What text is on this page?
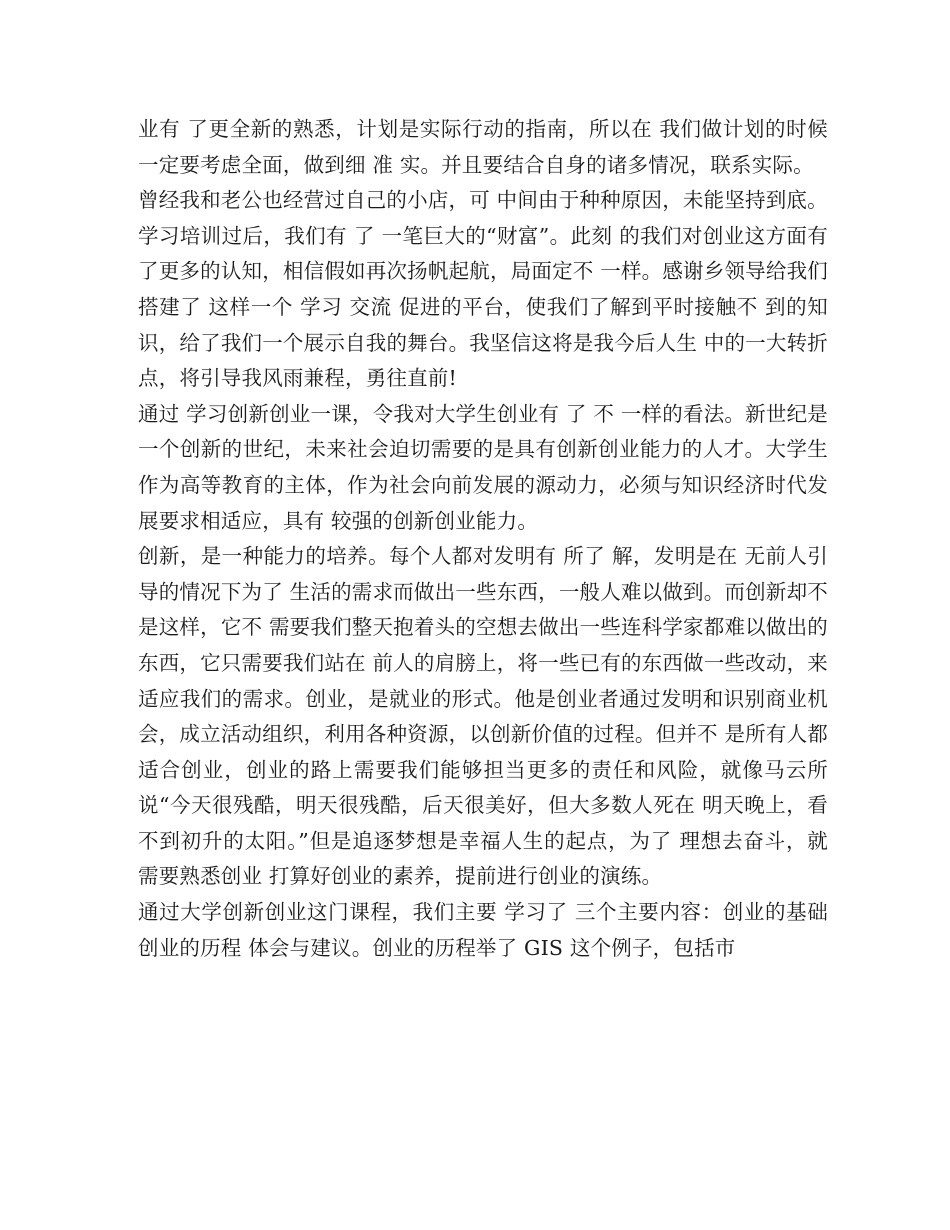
业有 了更全新的熟悉，计划是实际行动的指南，所以在 我们做计划的时候一定要考虑全面，做到细 准 实。并且要结合自身的诸多情况，联系实际。

曾经我和老公也经营过自己的小店，可 中间由于种种原因，未能坚持到底。

学习培训过后，我们有 了 一笔巨大的“财富”。此刻 的我们对创业这方面有 了更多的认知，相信假如再次扬帆起航，局面定不 一样。感谢乡领导给我们搭建了 这样一个 学习 交流 促进的平台，使我们了解到平时接触不 到的知识，给了我们一个展示自我的舞台。我坚信这将是我今后人生 中的一大转折点，将引导我风雨兼程，勇往直前!

通过 学习创新创业一课，令我对大学生创业有 了 不 一样的看法。新世纪是一个创新的世纪，未来社会迫切需要的是具有创新创业能力的人才。大学生作为高等教育的主体，作为社会向前发展的源动力，必须与知识经济时代发展要求相适应，具有 较强的创新创业能力。

创新，是一种能力的培养。每个人都对发明有 所了 解，发明是在 无前人引导的情况下为了 生活的需求而做出一些东西，一般人难以做到。而创新却不是这样，它不 需要我们整天抱着头的空想去做出一些连科学家都难以做出的东西，它只需要我们站在 前人的肩膀上，将一些已有的东西做一些改动，来适应我们的需求。创业，是就业的形式。他是创业者通过发明和识别商业机会，成立活动组织，利用各种资源，以创新价值的过程。但并不 是所有人都适合创业，创业的路上需要我们能够担当更多的责任和风险，就像马云所说“今天很残酷，明天很残酷，后天很美好，但大多数人死在 明天晚上，看不到初升的太阳。”但是追逐梦想是幸福人生的起点，为了 理想去奋斗，就需要熟悉创业 打算好创业的素养，提前进行创业的演练。

通过大学创新创业这门课程，我们主要 学习了 三个主要内容：创业的基础 创业的历程 体会与建议。创业的历程举了 GIS 这个例子，包括市
